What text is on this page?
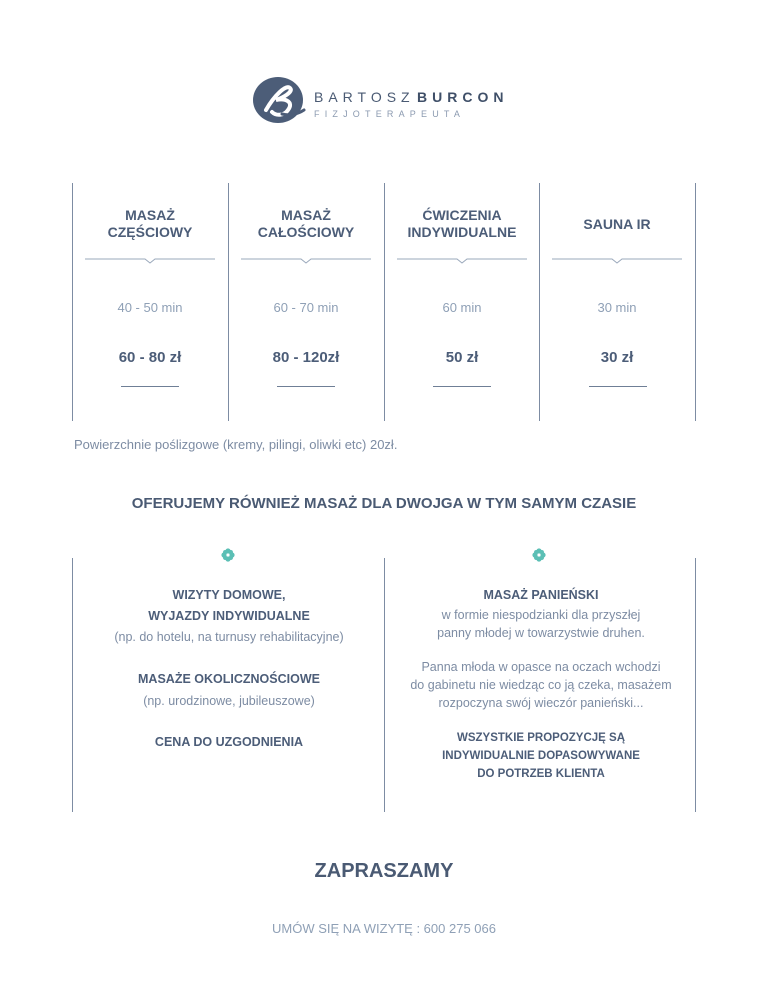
BARTOSZ BURCON
FIZJOTERAPEUTA
MASAŻ
CZĘŚCIOWY
40 - 50 min
60 - 80 zł
MASAŻ
CAŁOŚCIOWY
60 - 70 min
80 - 120zł
ĆWICZENIA
INDYWIDUALNE
60 min
50 zł
SAUNA IR
30 min
30 zł
Powierzchnie poślizgowe (kremy, pilingi, oliwki etc) 20zł.
OFERUJEMY RÓWNIEŻ MASAŻ DLA DWOJGA W TYM SAMYM CZASIE
WIZYTY DOMOWE,
WYJAZDY INDYWIDUALNE
(np. do hotelu, na turnusy rehabilitacyjne)
MASAŻE OKOLICZNOŚCIOWE
(np. urodzinowe, jubileuszowe)
CENA DO UZGODNIENIA
MASAŻ PANIEŃSKI
w formie niespodzianki dla przyszłej
panny młodej w towarzystwie druhen.
Panna młoda w opasce na oczach wchodzi
do gabinetu nie wiedząc co ją czeka, masażem
rozpoczyna swój wieczór panieński...
WSZYSTKIE PROPOZYCJĘ SĄ
INDYWIDUALNIE DOPASOWYWANE
DO POTRZEB KLIENTA
ZAPRASZAMY
UMÓW SIĘ NA WIZYTĘ : 600 275 066
